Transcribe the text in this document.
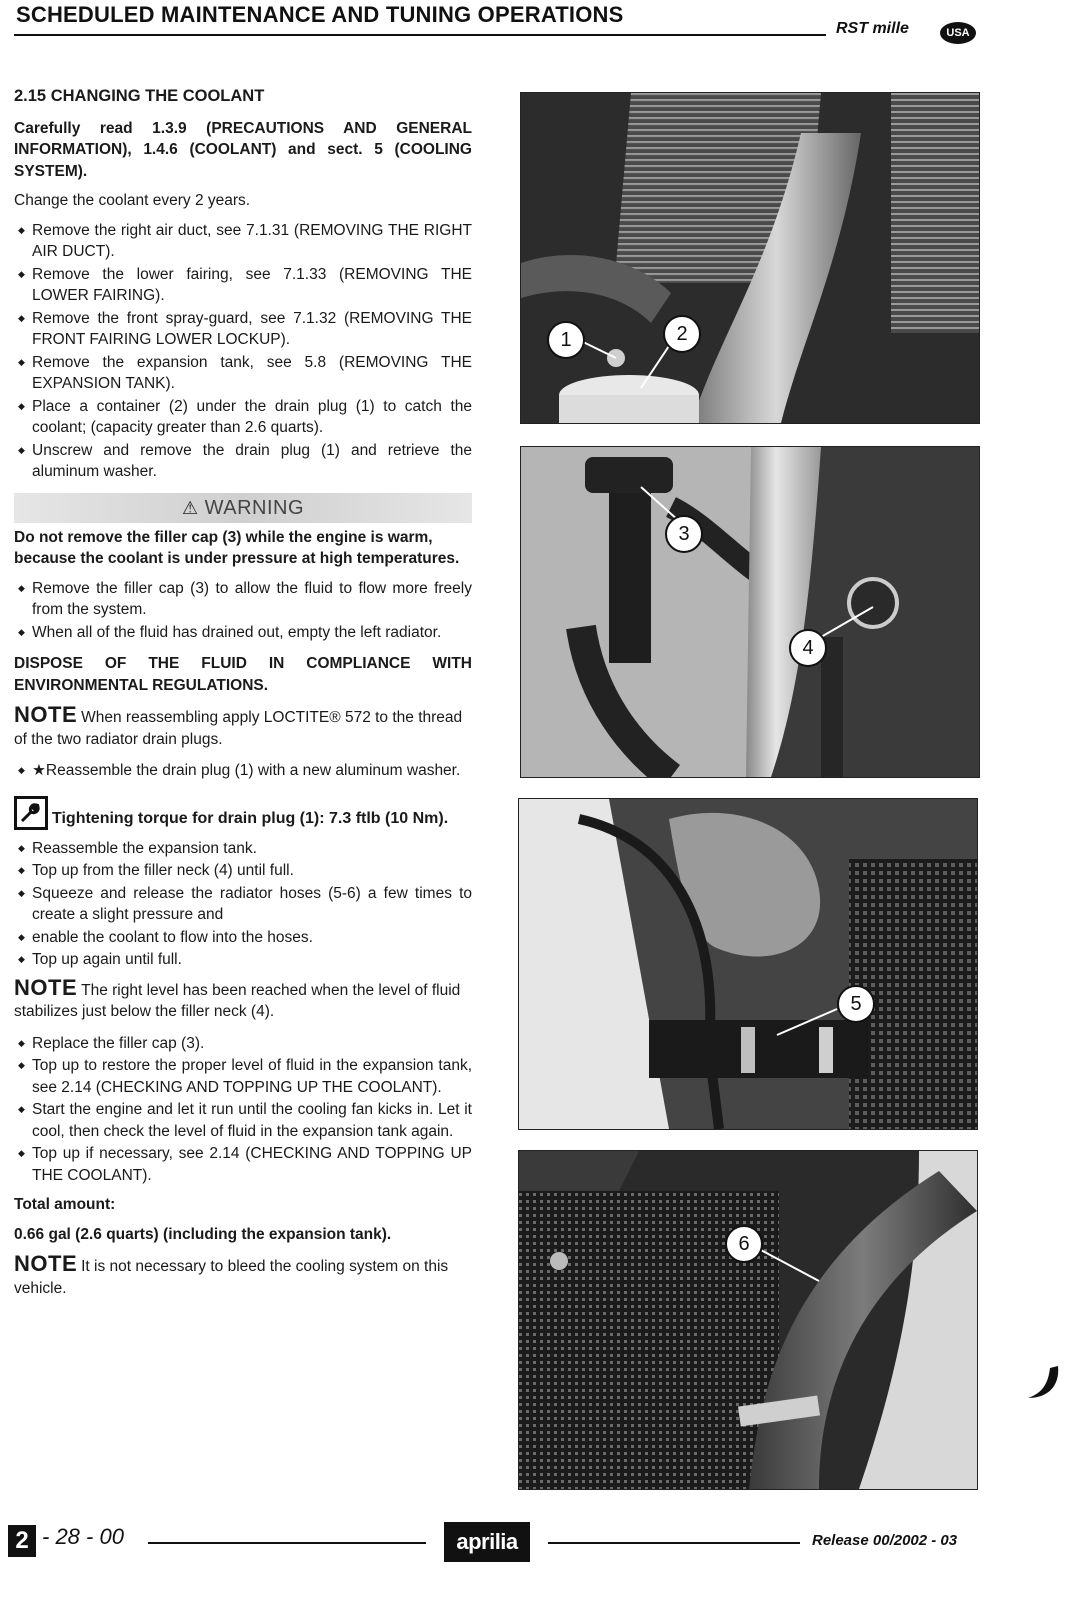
SCHEDULED MAINTENANCE AND TUNING OPERATIONS
RST mille	USA
2.15 CHANGING THE COOLANT

Carefully read 1.3.9 (PRECAUTIONS AND GENERAL INFORMATION), 1.4.6 (COOLANT) and sect. 5 (COOLING SYSTEM).

Change the coolant every 2 years.

◆ Remove the right air duct, see 7.1.31 (REMOVING THE RIGHT AIR DUCT).
◆ Remove the lower fairing, see 7.1.33 (REMOVING THE LOWER FAIRING).
◆ Remove the front spray-guard, see 7.1.32 (REMOVING THE FRONT FAIRING LOWER LOCKUP).
◆ Remove the expansion tank, see 5.8 (REMOVING THE EXPANSION TANK).
◆ Place a container (2) under the drain plug (1) to catch the coolant; (capacity greater than 2.6 quarts).
◆ Unscrew and remove the drain plug (1) and retrieve the aluminum washer.
⚠ WARNING

Do not remove the filler cap (3) while the engine is warm, because the coolant is under pressure at high temperatures.

◆ Remove the filler cap (3) to allow the fluid to flow more freely from the system.
◆ When all of the fluid has drained out, empty the left radiator.

DISPOSE OF THE FLUID IN COMPLIANCE WITH ENVIRONMENTAL REGULATIONS.

NOTE When reassembling apply LOCTITE® 572 to the thread of the two radiator drain plugs.

◆ ★Reassemble the drain plug (1) with a new aluminum washer.
Tightening torque for drain plug (1): 7.3 ftlb (10 Nm).
◆ Reassemble the expansion tank.
◆ Top up from the filler neck (4) until full.
◆ Squeeze and release the radiator hoses (5-6) a few times to create a slight pressure and
◆ enable the coolant to flow into the hoses.
◆ Top up again until full.

NOTE The right level has been reached when the level of fluid stabilizes just below the filler neck (4).

◆ Replace the filler cap (3).
◆ Top up to restore the proper level of fluid in the expansion tank, see 2.14 (CHECKING AND TOPPING UP THE COOLANT).
◆ Start the engine and let it run until the cooling fan kicks in. Let it cool, then check the level of fluid in the expansion tank again.
◆ Top up if necessary, see 2.14 (CHECKING AND TOPPING UP THE COOLANT).

Total amount:

0.66 gal (2.6 quarts) (including the expansion tank).

NOTE It is not necessary to bleed the cooling system on this vehicle.

1	2
3
4
5
6
2 - 28 - 00	aprilia	Release 00/2002 - 03
